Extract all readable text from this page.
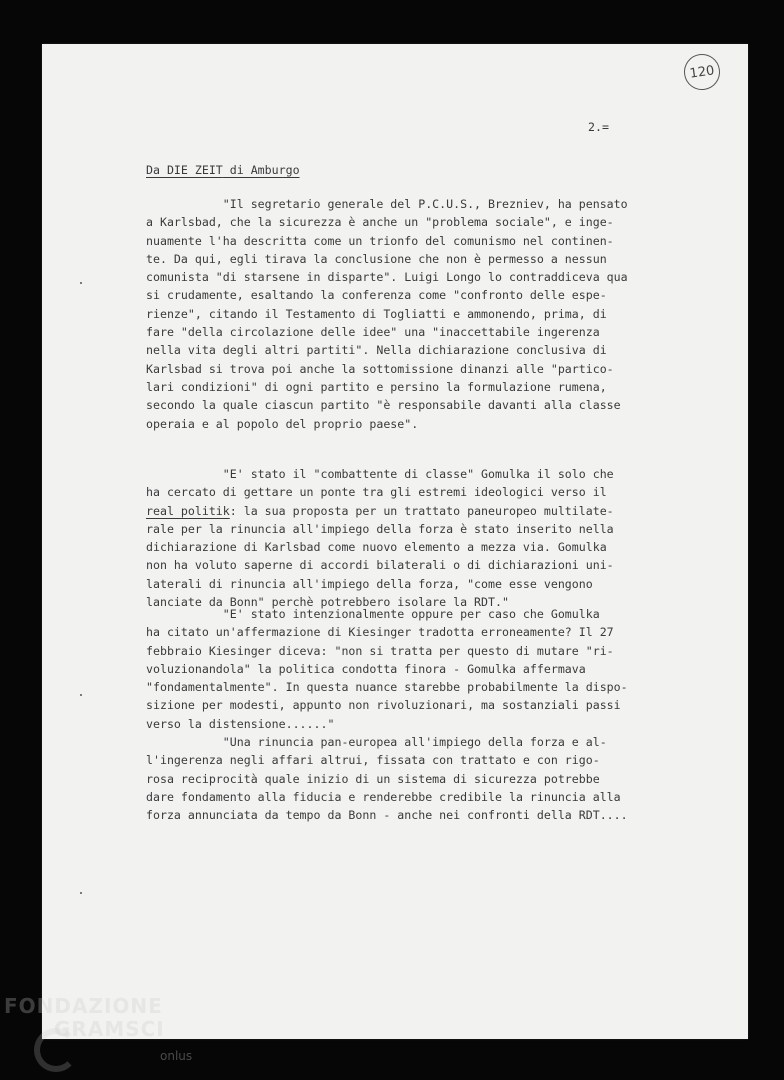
120
2.=
Da DIE ZEIT di Amburgo
"Il segretario generale del P.C.U.S., Brezniev, ha pensato
a Karlsbad, che la sicurezza è anche un "problema sociale", e inge-
nuamente l'ha descritta come un trionfo del comunismo nel continen-
te. Da qui, egli tirava la conclusione che non è permesso a nessun
comunista "di starsene in disparte". Luigi Longo lo contraddiceva qua
si crudamente, esaltando la conferenza come "confronto delle espe-
rienze", citando il Testamento di Togliatti e ammonendo, prima, di
fare "della circolazione delle idee" una "inaccettabile ingerenza
nella vita degli altri partiti". Nella dichiarazione conclusiva di
Karlsbad si trova poi anche la sottomissione dinanzi alle "partico-
lari condizioni" di ogni partito e persino la formulazione rumena,
secondo la quale ciascun partito "è responsabile davanti alla classe
operaia e al popolo del proprio paese".
"E' stato il "combattente di classe" Gomulka il solo che
ha cercato di gettare un ponte tra gli estremi ideologici verso il
real politik: la sua proposta per un trattato paneuropeo multilate-
rale per la rinuncia all'impiego della forza è stato inserito nella
dichiarazione di Karlsbad come nuovo elemento a mezza via. Gomulka
non ha voluto saperne di accordi bilaterali o di dichiarazioni uni-
laterali di rinuncia all'impiego della forza, "come esse vengono
lanciate da Bonn" perchè potrebbero isolare la RDT."
"E' stato intenzionalmente oppure per caso che Gomulka
ha citato un'affermazione di Kiesinger tradotta erroneamente? Il 27
febbraio Kiesinger diceva: "non si tratta per questo di mutare "ri-
voluzionandola" la politica condotta finora - Gomulka affermava
"fondamentalmente". In questa nuance starebbe probabilmente la dispo-
sizione per modesti, appunto non rivoluzionari, ma sostanziali passi
verso la distensione......"
"Una rinuncia pan-europea all'impiego della forza e al-
l'ingerenza negli affari altrui, fissata con trattato e con rigo-
rosa reciprocità quale inizio di un sistema di sicurezza potrebbe
dare fondamento alla fiducia e renderebbe credibile la rinuncia alla
forza annunciata da tempo da Bonn - anche nei confronti della RDT....
FONDAZIONE
GRAMSCI
onlus
